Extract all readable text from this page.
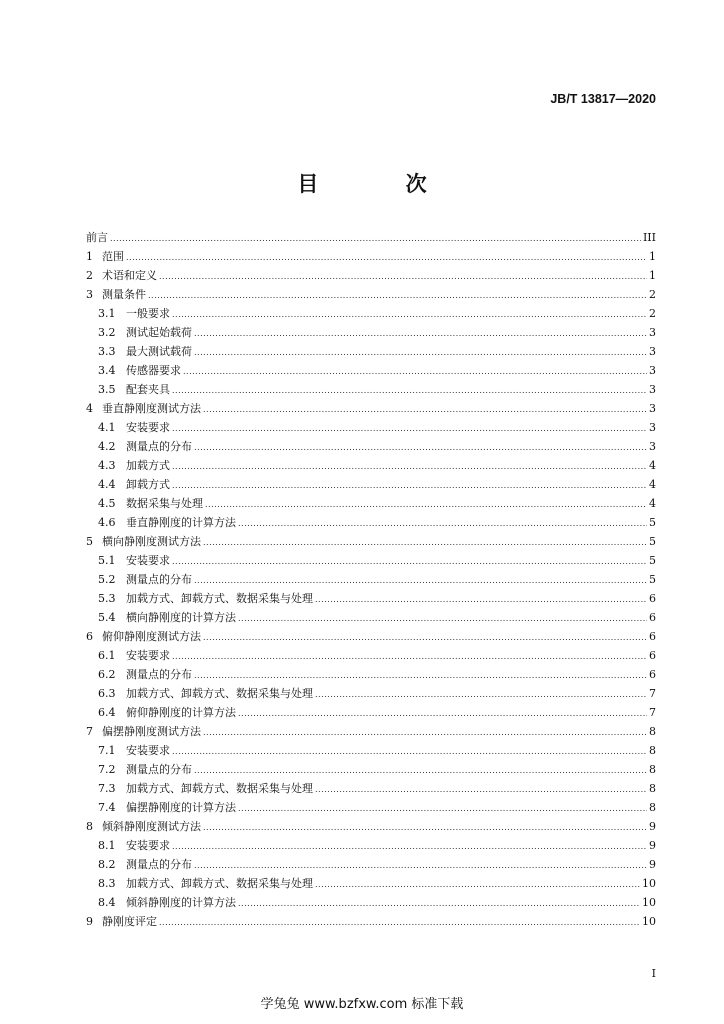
JB/T 13817—2020
目 次
前言 .....	III
1 范围 .....	1
2 术语和定义 .....	1
3 测量条件 .....	2
3.1 一般要求 .....	2
3.2 测试起始载荷 .....	3
3.3 最大测试载荷 .....	3
3.4 传感器要求 .....	3
3.5 配套夹具 .....	3
4 垂直静刚度测试方法 .....	3
4.1 安装要求 .....	3
4.2 测量点的分布 .....	3
4.3 加载方式 .....	4
4.4 卸载方式 .....	4
4.5 数据采集与处理 .....	4
4.6 垂直静刚度的计算方法 .....	5
5 横向静刚度测试方法 .....	5
5.1 安装要求 .....	5
5.2 测量点的分布 .....	5
5.3 加载方式、卸载方式、数据采集与处理 .....	6
5.4 横向静刚度的计算方法 .....	6
6 俯仰静刚度测试方法 .....	6
6.1 安装要求 .....	6
6.2 测量点的分布 .....	6
6.3 加载方式、卸载方式、数据采集与处理 .....	7
6.4 俯仰静刚度的计算方法 .....	7
7 偏摆静刚度测试方法 .....	8
7.1 安装要求 .....	8
7.2 测量点的分布 .....	8
7.3 加载方式、卸载方式、数据采集与处理 .....	8
7.4 偏摆静刚度的计算方法 .....	8
8 倾斜静刚度测试方法 .....	9
8.1 安装要求 .....	9
8.2 测量点的分布 .....	9
8.3 加载方式、卸载方式、数据采集与处理 .....	10
8.4 倾斜静刚度的计算方法 .....	10
9 静刚度评定 .....	10
I
学兔兔 www.bzfxw.com 标准下载
